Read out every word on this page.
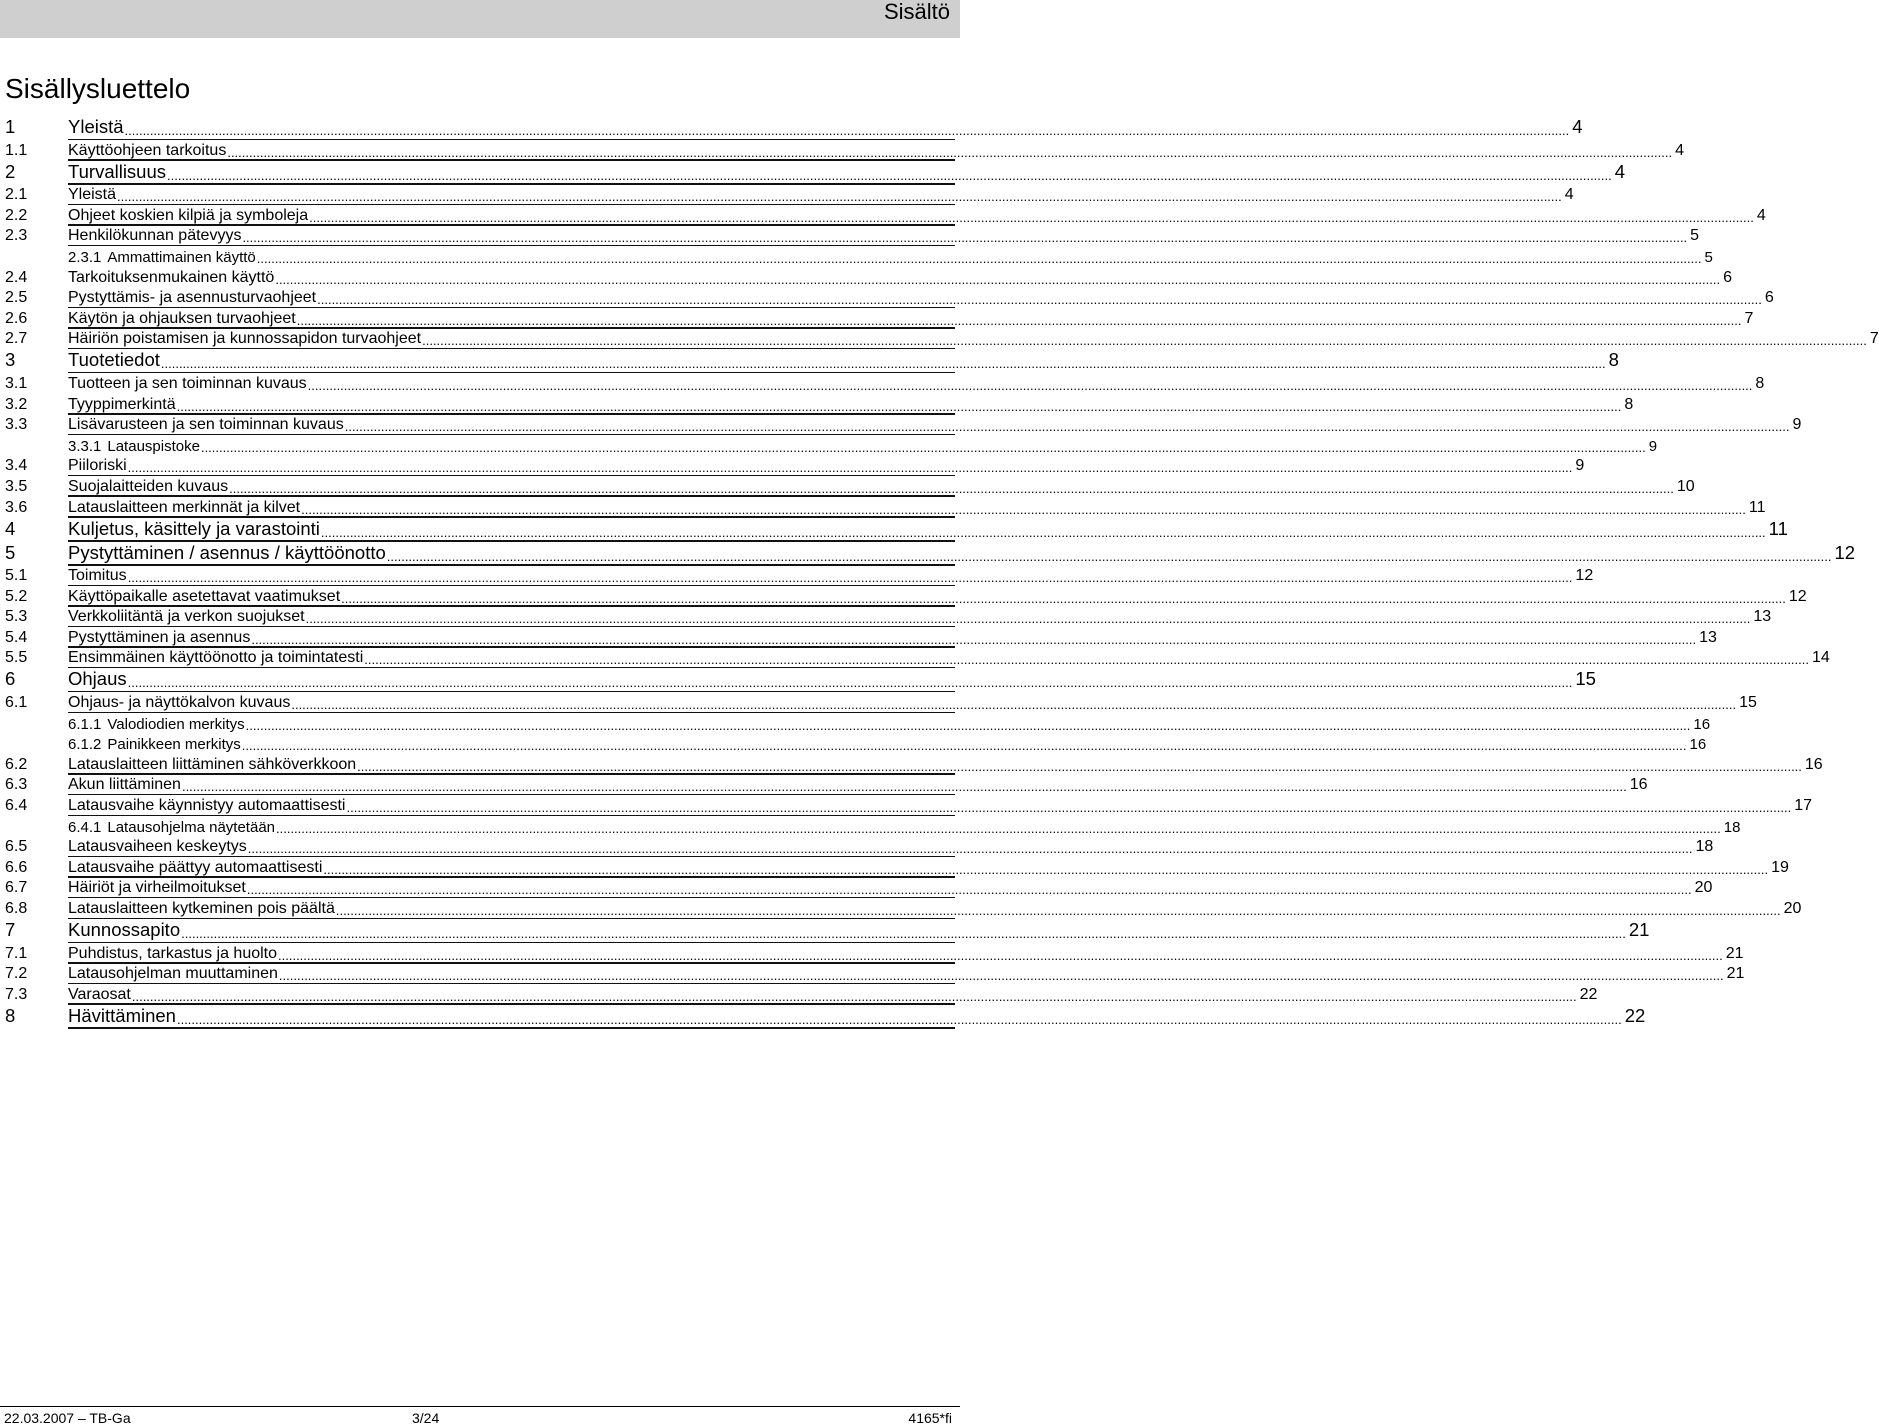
Sisältö
Sisällysluettelo
1	Yleistä ................................................................................................................................................................................................................................................................................................................................................................................................................ 4
1.1	Käyttöohjeen tarkoitus ................................................................................................................................................................................................................................................................................................................................................................................................................ 4
2	Turvallisuus ................................................................................................................................................................................................................................................................................................................................................................................................................ 4
2.1	Yleistä ................................................................................................................................................................................................................................................................................................................................................................................................................ 4
2.2	Ohjeet koskien kilpiä ja symboleja ................................................................................................................................................................................................................................................................................................................................................................................................................ 4
2.3	Henkilökunnan pätevyys ................................................................................................................................................................................................................................................................................................................................................................................................................ 5
2.3.1 Ammattimainen käyttö ................................................................................................................................................................................................................................................................................................................................................................................................................ 5
2.4	Tarkoituksenmukainen käyttö ................................................................................................................................................................................................................................................................................................................................................................................................................ 6
2.5	Pystyttämis- ja asennusturvaohjeet ................................................................................................................................................................................................................................................................................................................................................................................................................ 6
2.6	Käytön ja ohjauksen turvaohjeet ................................................................................................................................................................................................................................................................................................................................................................................................................ 7
2.7	Häiriön poistamisen ja kunnossapidon turvaohjeet ................................................................................................................................................................................................................................................................................................................................................................................................................ 7
3	Tuotetiedot ................................................................................................................................................................................................................................................................................................................................................................................................................ 8
3.1	Tuotteen ja sen toiminnan kuvaus ................................................................................................................................................................................................................................................................................................................................................................................................................ 8
3.2	Tyyppimerkintä ................................................................................................................................................................................................................................................................................................................................................................................................................ 8
3.3	Lisävarusteen ja sen toiminnan kuvaus ................................................................................................................................................................................................................................................................................................................................................................................................................ 9
3.3.1 Latauspistoke ................................................................................................................................................................................................................................................................................................................................................................................................................ 9
3.4	Piiloriski ................................................................................................................................................................................................................................................................................................................................................................................................................ 9
3.5	Suojalaitteiden kuvaus ................................................................................................................................................................................................................................................................................................................................................................................................................ 10
3.6	Latauslaitteen merkinnät ja kilvet ................................................................................................................................................................................................................................................................................................................................................................................................................ 11
4	Kuljetus, käsittely ja varastointi ................................................................................................................................................................................................................................................................................................................................................................................................................ 11
5	Pystyttäminen / asennus / käyttöönotto ................................................................................................................................................................................................................................................................................................................................................................................................................ 12
5.1	Toimitus ................................................................................................................................................................................................................................................................................................................................................................................................................ 12
5.2	Käyttöpaikalle asetettavat vaatimukset ................................................................................................................................................................................................................................................................................................................................................................................................................ 12
5.3	Verkkoliitäntä ja verkon suojukset ................................................................................................................................................................................................................................................................................................................................................................................................................ 13
5.4	Pystyttäminen ja asennus ................................................................................................................................................................................................................................................................................................................................................................................................................ 13
5.5	Ensimmäinen käyttöönotto ja toimintatesti ................................................................................................................................................................................................................................................................................................................................................................................................................ 14
6	Ohjaus ................................................................................................................................................................................................................................................................................................................................................................................................................ 15
6.1	Ohjaus- ja näyttökalvon kuvaus ................................................................................................................................................................................................................................................................................................................................................................................................................ 15
6.1.1 Valodiodien merkitys ................................................................................................................................................................................................................................................................................................................................................................................................................ 16
6.1.2 Painikkeen merkitys ................................................................................................................................................................................................................................................................................................................................................................................................................ 16
6.2	Latauslaitteen liittäminen sähköverkkoon ................................................................................................................................................................................................................................................................................................................................................................................................................ 16
6.3	Akun liittäminen ................................................................................................................................................................................................................................................................................................................................................................................................................ 16
6.4	Latausvaihe käynnistyy automaattisesti ................................................................................................................................................................................................................................................................................................................................................................................................................ 17
6.4.1 Latausohjelma näytetään ................................................................................................................................................................................................................................................................................................................................................................................................................ 18
6.5	Latausvaiheen keskeytys ................................................................................................................................................................................................................................................................................................................................................................................................................ 18
6.6	Latausvaihe päättyy automaattisesti ................................................................................................................................................................................................................................................................................................................................................................................................................ 19
6.7	Häiriöt ja virheilmoitukset ................................................................................................................................................................................................................................................................................................................................................................................................................ 20
6.8	Latauslaitteen kytkeminen pois päältä ................................................................................................................................................................................................................................................................................................................................................................................................................ 20
7	Kunnossapito ................................................................................................................................................................................................................................................................................................................................................................................................................ 21
7.1	Puhdistus, tarkastus ja huolto ................................................................................................................................................................................................................................................................................................................................................................................................................ 21
7.2	Latausohjelman muuttaminen ................................................................................................................................................................................................................................................................................................................................................................................................................ 21
7.3	Varaosat ................................................................................................................................................................................................................................................................................................................................................................................................................ 22
8	Hävittäminen ................................................................................................................................................................................................................................................................................................................................................................................................................ 22
22.03.2007 – TB-Ga	3/24	4165*fi
